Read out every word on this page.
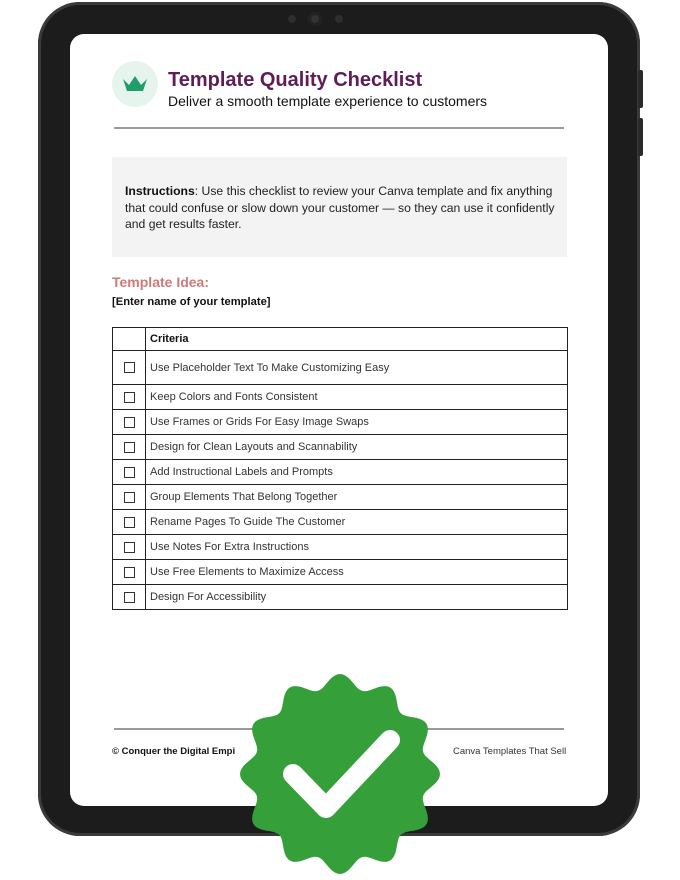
Template Quality Checklist
Deliver a smooth template experience to customers
Instructions: Use this checklist to review your Canva template and fix anything that could confuse or slow down your customer — so they can use it confidently and get results faster.
Template Idea:
[Enter name of your template]
	Criteria
	Use Placeholder Text To Make Customizing Easy
	Keep Colors and Fonts Consistent
	Use Frames or Grids For Easy Image Swaps
	Design for Clean Layouts and Scannability
	Add Instructional Labels and Prompts
	Group Elements That Belong Together
	Rename Pages To Guide The Customer
	Use Notes For Extra Instructions
	Use Free Elements to Maximize Access
	Design For Accessibility
© Conquer the Digital Empi	Canva Templates That Sell
